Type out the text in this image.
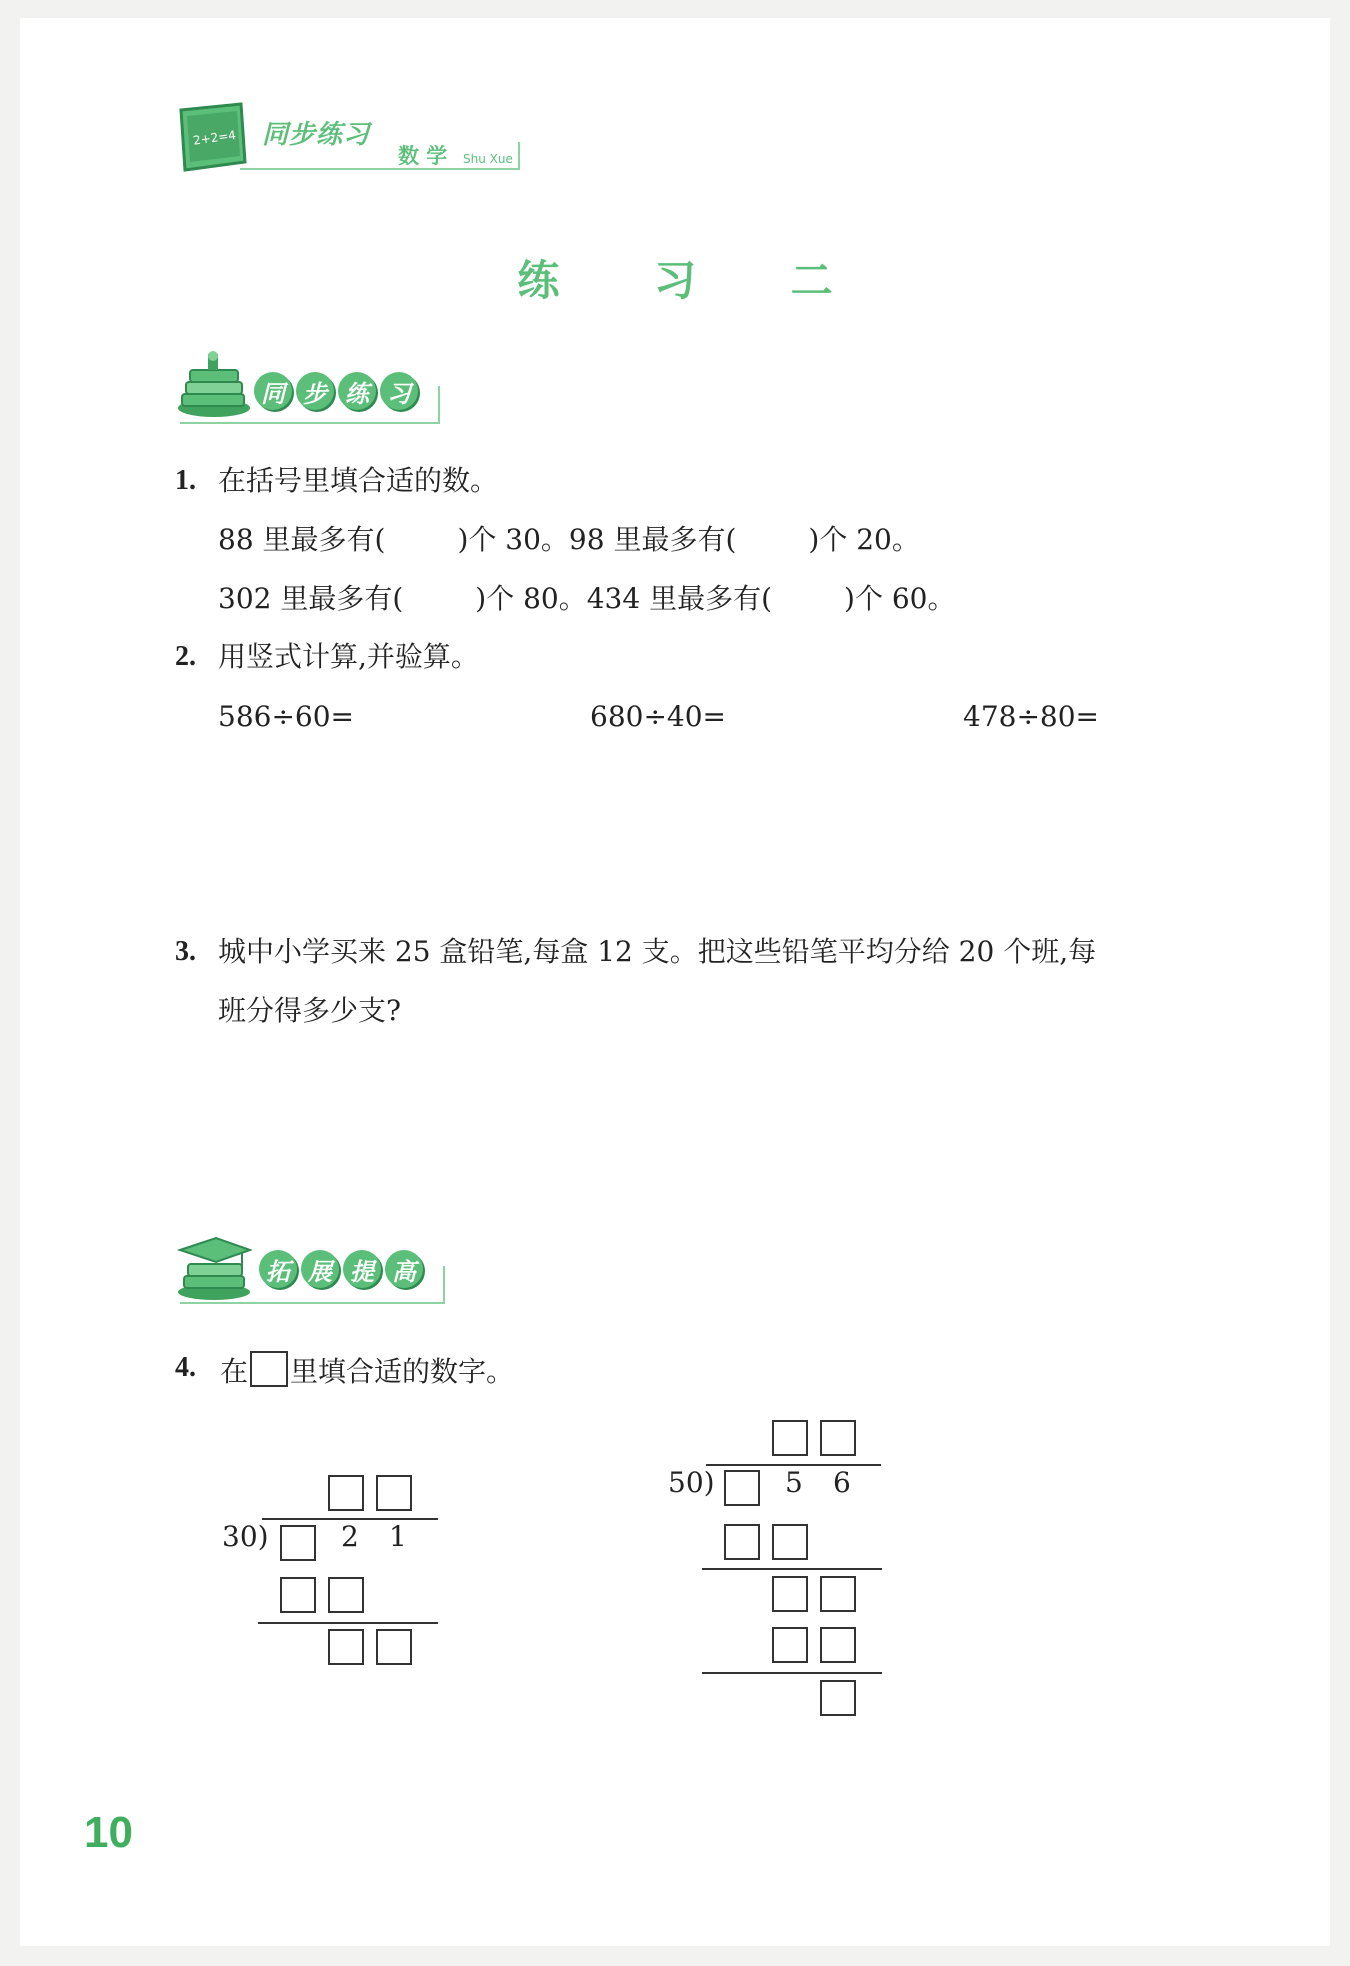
2+2=4 同步练习
数 学 Shu Xue
练 习 二
同 步 练 习
1. 在括号里填合适的数。
88 里最多有(	)个 30。98 里最多有(	)个 20。
302 里最多有(	)个 80。434 里最多有(	)个 60。
2. 用竖式计算,并验算。
586÷60=	680÷40=	478÷80=
3. 城中小学买来 25 盒铅笔,每盒 12 支。把这些铅笔平均分给 20 个班,每
班分得多少支?
拓 展 提 高
4. 在 里填合适的数字。
30)	2 1
50)	5 6
10
